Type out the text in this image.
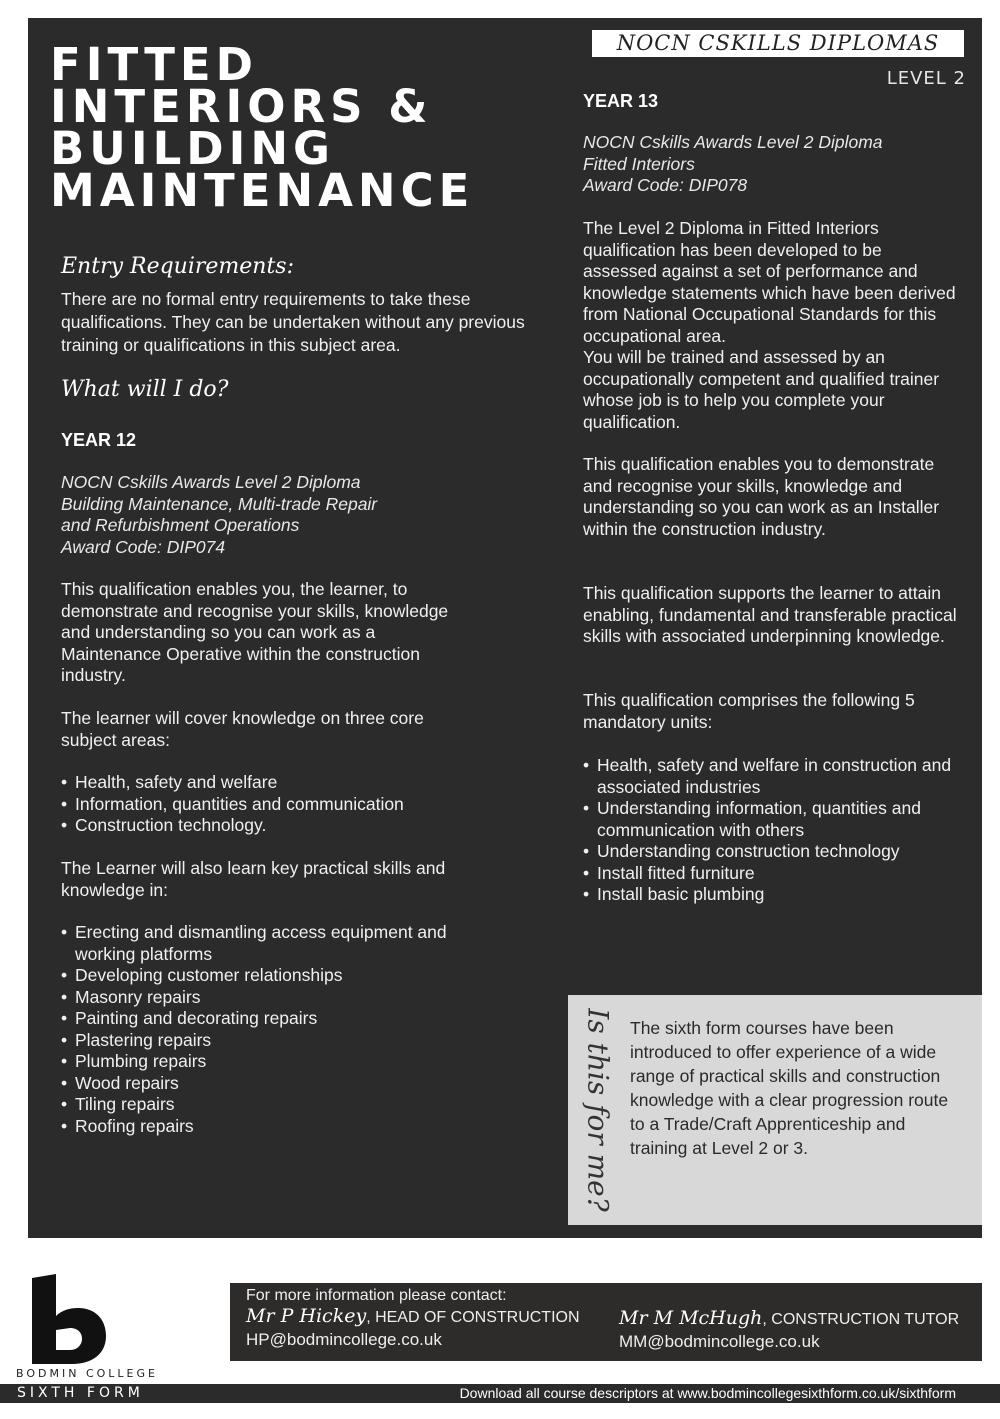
FITTED
INTERIORS &
BUILDING
MAINTENANCE
NOCN CSKILLS DIPLOMAS
LEVEL 2
Entry Requirements:

There are no formal entry requirements to take these qualifications. They can be undertaken without any previous training or qualifications in this subject area.

What will I do?
YEAR 12
NOCN Cskills Awards Level 2 Diploma
Building Maintenance, Multi-trade Repair
and Refurbishment Operations
Award Code: DIP074

This qualification enables you, the learner, to demonstrate and recognise your skills, knowledge and understanding so you can work as a Maintenance Operative within the construction industry.

The learner will cover knowledge on three core subject areas:

• Health, safety and welfare
• Information, quantities and communication
• Construction technology.

The Learner will also learn key practical skills and knowledge in:

• Erecting and dismantling access equipment and working platforms
• Developing customer relationships
• Masonry repairs
• Painting and decorating repairs
• Plastering repairs
• Plumbing repairs
• Wood repairs
• Tiling repairs
• Roofing repairs
YEAR 13
NOCN Cskills Awards Level 2 Diploma
Fitted Interiors
Award Code: DIP078

The Level 2 Diploma in Fitted Interiors qualification has been developed to be assessed against a set of performance and knowledge statements which have been derived from National Occupational Standards for this occupational area.

You will be trained and assessed by an occupationally competent and qualified trainer whose job is to help you complete your qualification.

This qualification enables you to demonstrate and recognise your skills, knowledge and understanding so you can work as an Installer within the construction industry.

This qualification supports the learner to attain enabling, fundamental and transferable practical skills with associated underpinning knowledge.

This qualification comprises the following 5 mandatory units:

• Health, safety and welfare in construction and associated industries
• Understanding information, quantities and communication with others
• Understanding construction technology
• Install fitted furniture
• Install basic plumbing
Is this for me? The sixth form courses have been introduced to offer experience of a wide range of practical skills and construction knowledge with a clear progression route to a Trade/Craft Apprenticeship and training at Level 2 or 3.

BODMIN COLLEGE
For more information please contact:
Mr P Hickey, HEAD OF CONSTRUCTION
HP@bodmincollege.co.uk
Mr M McHugh, CONSTRUCTION TUTOR
MM@bodmincollege.co.uk
SIXTH FORM	Download all course descriptors at www.bodmincollegesixthform.co.uk/sixthform
